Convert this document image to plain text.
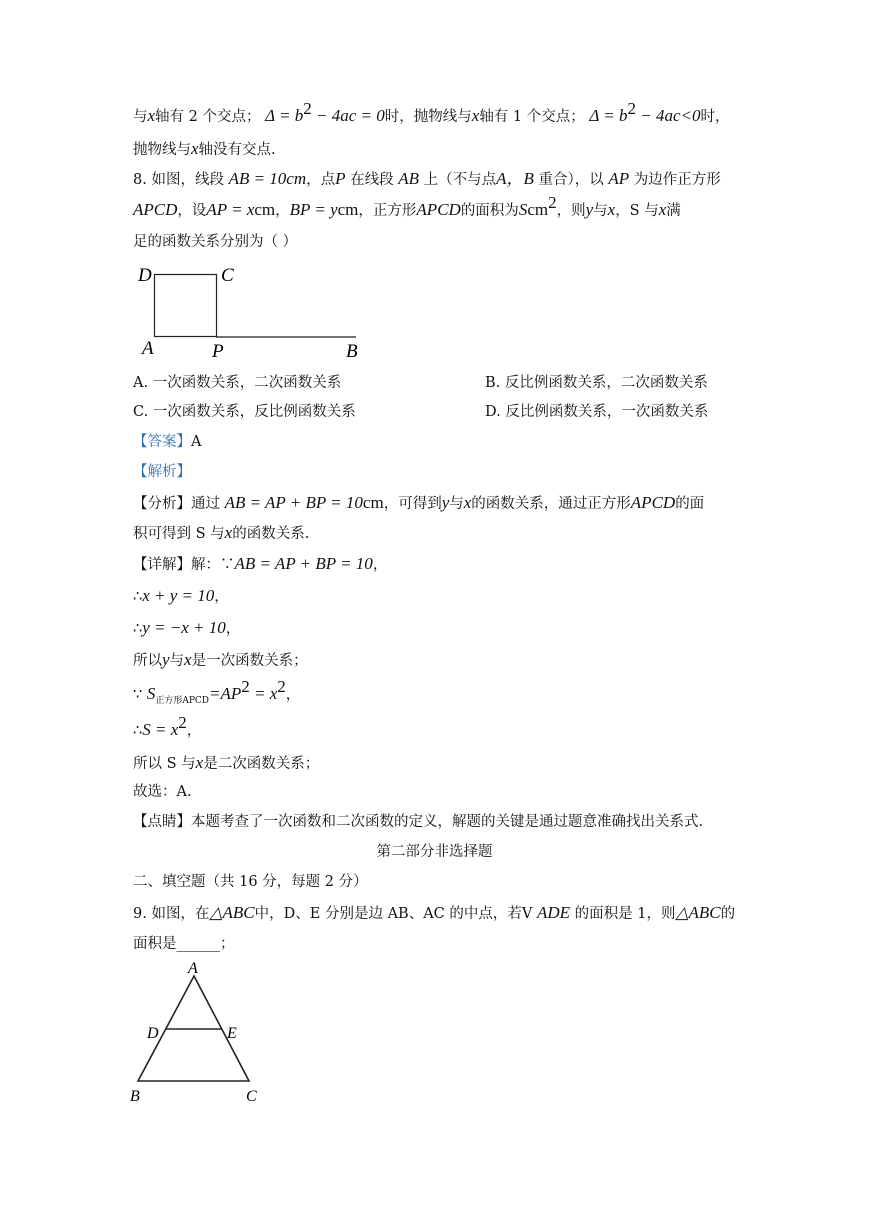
与x轴有 2 个交点； $\Delta = b^2 - 4ac = 0$时，抛物线与x轴有 1 个交点； $\Delta = b^2 - 4ac<0$时，
抛物线与x轴没有交点.
8. 如图，线段 AB = 10cm，点P 在线段 AB 上（不与点A，B 重合），以 AP 为边作正方形
APCD，设AP = xcm，BP = ycm，正方形APCD的面积为Scm$^2$，则y与x，S 与x满
足的函数关系分别为（ ）
D	C
A	P	B
A. 一次函数关系，二次函数关系	B. 反比例函数关系，二次函数关系
C. 一次函数关系，反比例函数关系	D. 反比例函数关系，一次函数关系
【答案】A
【解析】
【分析】通过 AB = AP + BP = 10cm，可得到y与x的函数关系，通过正方形APCD的面
积可得到 S 与x的函数关系.
【详解】解：∵AB = AP + BP = 10，
∴x + y = 10，
∴y = −x + 10，
所以y与x是一次函数关系；
∵ $S_{正方形APCD}=AP^2 = x^2$，
∴S = $x^2$，
所以 S 与x是二次函数关系；
故选：A.
【点睛】本题考查了一次函数和二次函数的定义，解题的关键是通过题意准确找出关系式.
第二部分非选择题
二、填空题（共 16 分，每题 2 分）
9. 如图，在△ABC中，D、E 分别是边 AB、AC 的中点，若V ADE 的面积是 1，则△ABC的
面积是______；
A
D	E
B	C
